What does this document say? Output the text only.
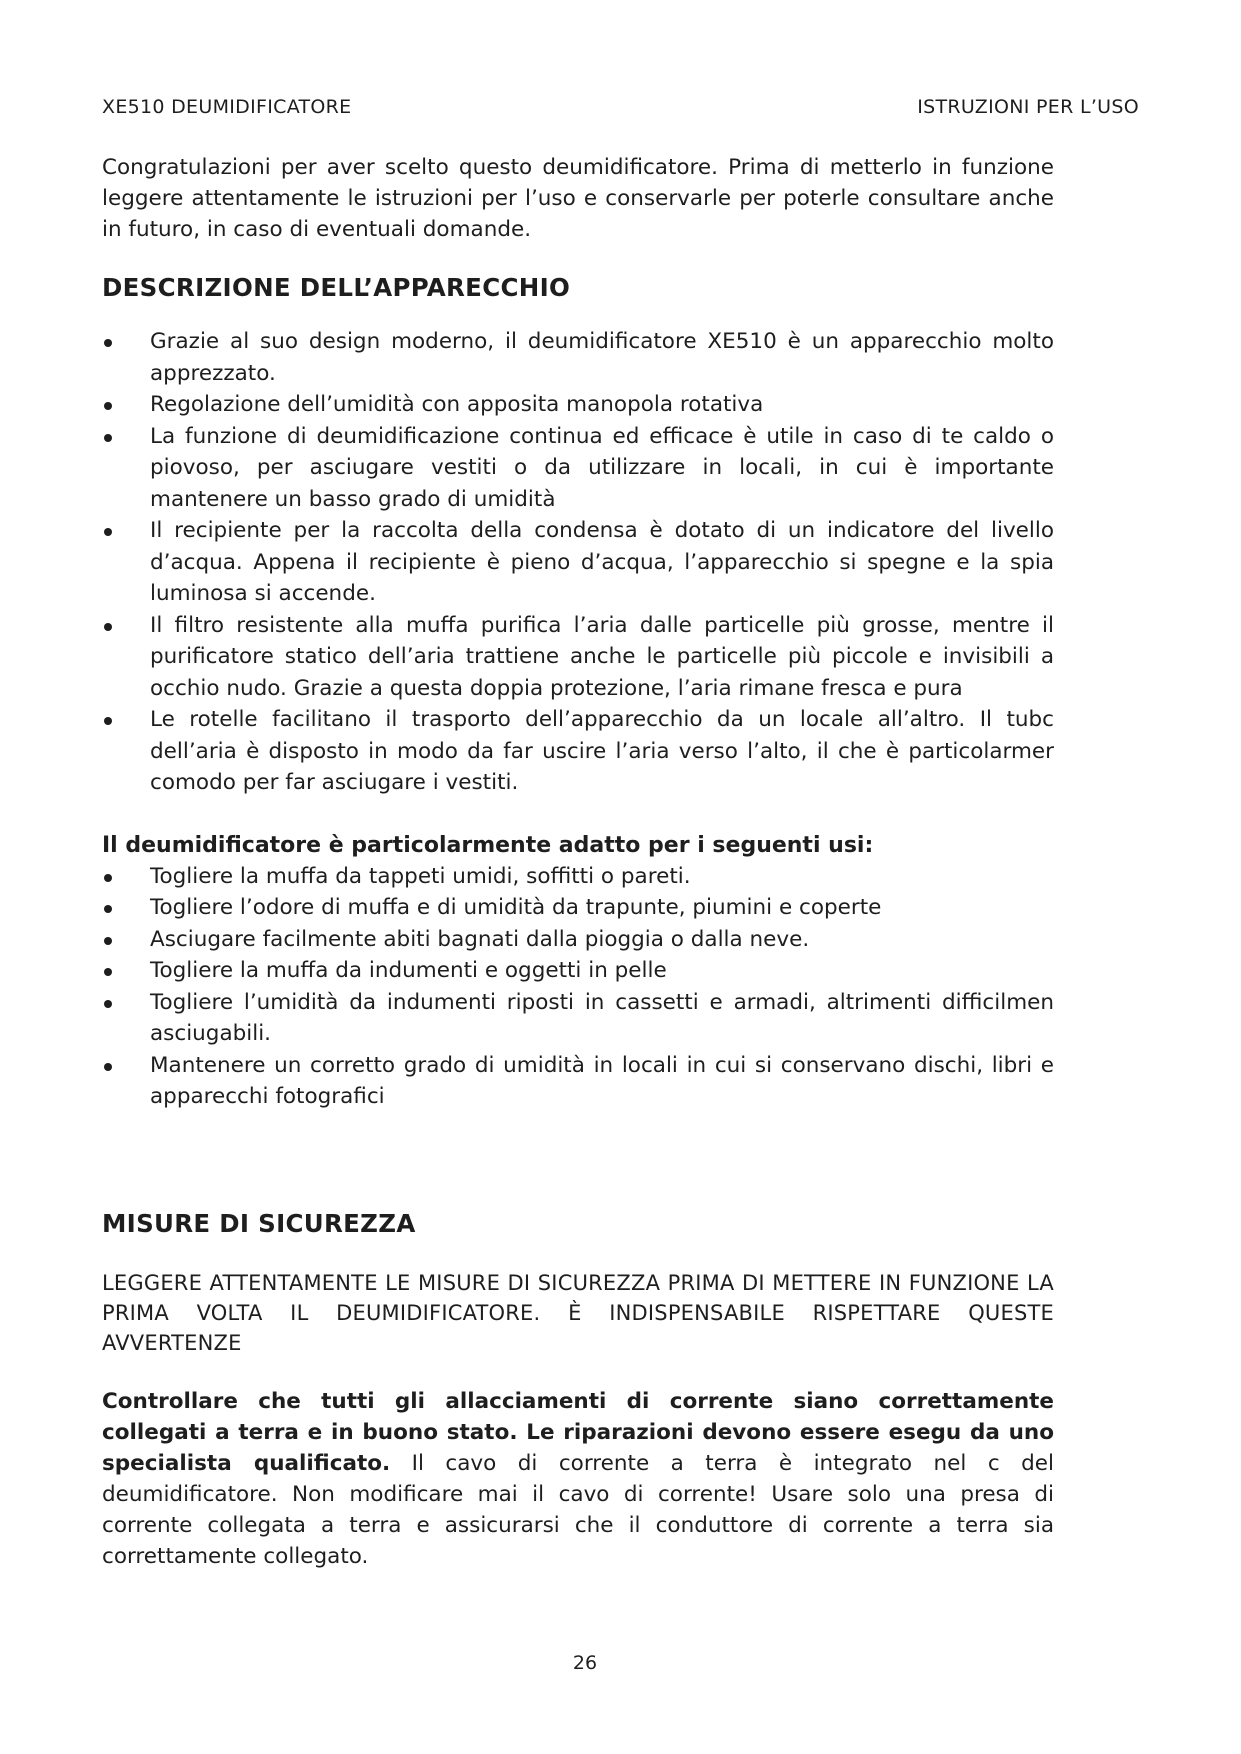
XE510 DEUMIDIFICATORE	ISTRUZIONI PER L’USO

Congratulazioni per aver scelto questo deumidificatore. Prima di metterlo in funzione leggere attentamente le istruzioni per l’uso e conservarle per poterle consultare anche in futuro, in caso di eventuali domande.

DESCRIZIONE DELL’APPARECCHIO
Grazie al suo design moderno, il deumidificatore XE510 è un apparecchio molto apprezzato.
Regolazione dell’umidità con apposita manopola rotativa
La funzione di deumidificazione continua ed efficace è utile in caso di te caldo o piovoso, per asciugare vestiti o da utilizzare in locali, in cui è importante mantenere un basso grado di umidità
Il recipiente per la raccolta della condensa è dotato di un indicatore del livello d’acqua. Appena il recipiente è pieno d’acqua, l’apparecchio si spegne e la spia luminosa si accende.
Il filtro resistente alla muffa purifica l’aria dalle particelle più grosse, mentre il purificatore statico dell’aria trattiene anche le particelle più piccole e invisibili a occhio nudo. Grazie a questa doppia protezione, l’aria rimane fresca e pura
Le rotelle facilitano il trasporto dell’apparecchio da un locale all’altro. Il tubc dell’aria è disposto in modo da far uscire l’aria verso l’alto, il che è particolarmer comodo per far asciugare i vestiti.

Il deumidificatore è particolarmente adatto per i seguenti usi:

Togliere la muffa da tappeti umidi, soffitti o pareti.
Togliere l’odore di muffa e di umidità da trapunte, piumini e coperte
Asciugare facilmente abiti bagnati dalla pioggia o dalla neve.
Togliere la muffa da indumenti e oggetti in pelle
Togliere l’umidità da indumenti riposti in cassetti e armadi, altrimenti difficilmen asciugabili.
Mantenere un corretto grado di umidità in locali in cui si conservano dischi, libri e apparecchi fotografici
MISURE DI SICUREZZA

LEGGERE ATTENTAMENTE LE MISURE DI SICUREZZA PRIMA DI METTERE IN FUNZIONE LA PRIMA VOLTA IL DEUMIDIFICATORE. È INDISPENSABILE RISPETTARE QUESTE AVVERTENZE

Controllare che tutti gli allacciamenti di corrente siano correttamente collegati a terra e in buono stato. Le riparazioni devono essere esegu da uno specialista qualificato. Il cavo di corrente a terra è integrato nel c del deumidificatore. Non modificare mai il cavo di corrente! Usare solo una presa di corrente collegata a terra e assicurarsi che il conduttore di corrente a terra sia correttamente collegato.

26
